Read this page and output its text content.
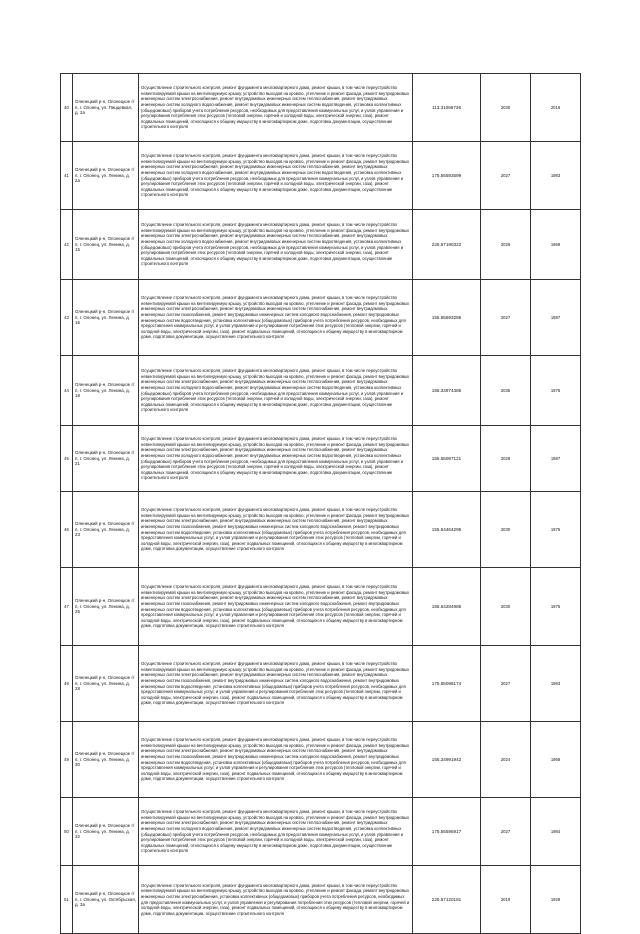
40	Оленецкий р-н, Олонецкое г/п, г. Олонец, ул. Пиццевкая, д. 2а	Осуществление строительного контроля, ремонт фундамента многоквартирного дома, ремонт крыши, в том числе переустройство невентилируемой крыши на вентилируемую крышу, устройство выходов на кровлю, утепление и ремонт фасада, ремонт внутридомовых инженерных систем электроснабжения, ремонт внутридомовых инженерных систем теплоснабжения, ремонт внутридомовых инженерных систем холодного водоснабжения, ремонт внутридомовых инженерных систем водоотведения, установка коллективных (общедомовых) приборов учета потребления ресурсов, необходимых для предоставления коммунальных услуг, и узлов управления и регулирования потребления этих ресурсов (тепловой энергии, горячей и холодной воды, электрической энергии, газа), ремонт подвальных помещений, относящихся к общему имуществу в многоквартирном доме, подготовка документации, осуществление строительного контроля	113.31066736	2030	2016
41	Оленецкий р-н, Олонецкое г/п, г. Олонец, ул. Ленина, д. 2а	Осуществление строительного контроля, ремонт фундамента многоквартирного дома, ремонт крыши, в том числе переустройство невентилируемой крыши на вентилируемую крышу, устройство выходов на кровлю, утепление и ремонт фасада, ремонт внутридомовых инженерных систем электроснабжения, ремонт внутридомовых инженерных систем теплоснабжения, ремонт внутридомовых инженерных систем холодного водоснабжения, ремонт внутридомовых инженерных систем водоотведения, установка коллективных (общедомовых) приборов учета потребления ресурсов, необходимых для предоставления коммунальных услуг, и узлов управления и регулирования потребления этих ресурсов (тепловой энергии, горячей и холодной воды, электрической энергии, газа), ремонт подвальных помещений, относящихся к общему имуществу в многоквартирном доме, подготовка документации, осуществление строительного контроля	175.55593599	2027	1983
42	Оленецкий р-н, Олонецкое г/п, г. Олонец, ул. Ленина, д. 15	Осуществление строительного контроля, ремонт фундамента многоквартирного дома, ремонт крыши, в том числе переустройство невентилируемой крыши на вентилируемую крышу, устройство выходов на кровлю, утепление и ремонт фасада, ремонт внутридомовых инженерных систем электроснабжения, ремонт внутридомовых инженерных систем теплоснабжения, ремонт внутридомовых инженерных систем холодного водоснабжения, ремонт внутридомовых инженерных систем водоотведения, установка коллективных (общедомовых) приборов учета потребления ресурсов, необходимых для предоставления коммунальных услуг, и узлов управления и регулирования потребления этих ресурсов (тепловой энергии, горячей и холодной воды, электрической энергии, газа), ремонт подвальных помещений, относящихся к общему имуществу в многоквартирном доме, подготовка документации, осуществление строительного контроля	225.57190322	2026	1969
43	Оленецкий р-н, Олонецкое г/п, г. Олонец, ул. Ленина, д. 16	Осуществление строительного контроля, ремонт фундамента многоквартирного дома, ремонт крыши, в том числе переустройство невентилируемой крыши на вентилируемую крышу, устройство выходов на кровлю, утепление и ремонт фасада, ремонт внутридомовых инженерных систем электроснабжения, ремонт внутридомовых инженерных систем теплоснабжения, ремонт внутридомовых инженерных систем газоснабжения, ремонт внутридомовых инженерных систем холодного водоснабжения, ремонт внутридомовых инженерных систем водоотведения, установка коллективных (общедомовых) приборов учета потребления ресурсов, необходимых для предоставления коммунальных услуг, и узлов управления и регулирования потребления этих ресурсов (тепловой энергии, горячей и холодной воды, электрической энергии, газа), ремонт подвальных помещений, относящихся к общему имуществу в многоквартирном доме, подготовка документации, осуществление строительного контроля	155.55693285	2027	1987
44	Оленецкий р-н, Олонецкое г/п, г. Олонец, ул. Ленина, д. 18	Осуществление строительного контроля, ремонт фундамента многоквартирного дома, ремонт крыши, в том числе переустройство невентилируемой крыши на вентилируемую крышу, устройство выходов на кровлю, утепление и ремонт фасада, ремонт внутридомовых инженерных систем электроснабжения, ремонт внутридомовых инженерных систем теплоснабжения, ремонт внутридомовых инженерных систем холодного водоснабжения, ремонт внутридомовых инженерных систем водоотведения, установка коллективных (общедомовых) приборов учета потребления ресурсов, необходимых для предоставления коммунальных услуг, и узлов управления и регулирования потребления этих ресурсов (тепловой энергии, горячей и холодной воды, электрической энергии, газа), ремонт подвальных помещений, относящихся к общему имуществу в многоквартирном доме, подготовка документации, осуществление строительного контроля	155.33974385	2035	1976
45	Оленецкий р-н, Олонецкое г/п, г. Олонец, ул. Ленина, д. 21	Осуществление строительного контроля, ремонт фундамента многоквартирного дома, ремонт крыши, в том числе переустройство невентилируемой крыши на вентилируемую крышу, устройство выходов на кровлю, утепление и ремонт фасада, ремонт внутридомовых инженерных систем электроснабжения, ремонт внутридомовых инженерных систем теплоснабжения, ремонт внутридомовых инженерных систем холодного водоснабжения, ремонт внутридомовых инженерных систем водоотведения, установка коллективных (общедомовых) приборов учета потребления ресурсов, необходимых для предоставления коммунальных услуг, и узлов управления и регулирования потребления этих ресурсов (тепловой энергии, горячей и холодной воды, электрической энергии, газа), ремонт подвальных помещений, относящихся к общему имуществу в многоквартирном доме, подготовка документации, осуществление строительного контроля	155.55087121	2028	1987
46	Оленецкий р-н, Олонецкое г/п, г. Олонец, ул. Ленина, д. 23	Осуществление строительного контроля, ремонт фундамента многоквартирного дома, ремонт крыши, в том числе переустройство невентилируемой крыши на вентилируемую крышу, устройство выходов на кровлю, утепление и ремонт фасада, ремонт внутридомовых инженерных систем электроснабжения, ремонт внутридомовых инженерных систем теплоснабжения, ремонт внутридомовых инженерных систем газоснабжения, ремонт внутридомовых инженерных систем холодного водоснабжения, ремонт внутридомовых инженерных систем водоотведения, установка коллективных (общедомовых) приборов учета потребления ресурсов, необходимых для предоставления коммунальных услуг, и узлов управления и регулирования потребления этих ресурсов (тепловой энергии, горячей и холодной воды, электрической энергии, газа), ремонт подвальных помещений, относящихся к общему имуществу в многоквартирном доме, подготовка документации, осуществление строительного контроля	155.54464295	2030	1976
47	Оленецкий р-н, Олонецкое г/п, г. Олонец, ул. Ленина, д. 25	Осуществление строительного контроля, ремонт фундамента многоквартирного дома, ремонт крыши, в том числе переустройство невентилируемой крыши на вентилируемую крышу, устройство выходов на кровлю, утепление и ремонт фасада, ремонт внутридомовых инженерных систем электроснабжения, ремонт внутридомовых инженерных систем теплоснабжения, ремонт внутридомовых инженерных систем газоснабжения, ремонт внутридомовых инженерных систем холодного водоснабжения, ремонт внутридомовых инженерных систем водоотведения, установка коллективных (общедомовых) приборов учета потребления ресурсов, необходимых для предоставления коммунальных услуг, и узлов управления и регулирования потребления этих ресурсов (тепловой энергии, горячей и холодной воды, электрической энергии, газа), ремонт подвальных помещений, относящихся к общему имуществу в многоквартирном доме, подготовка документации, осуществление строительного контроля	155.54284985	2030	1975
48	Оленецкий р-н, Олонецкое г/п, г. Олонец, ул. Ленина, д. 28	Осуществление строительного контроля, ремонт фундамента многоквартирного дома, ремонт крыши, в том числе переустройство невентилируемой крыши на вентилируемую крышу, устройство выходов на кровлю, утепление и ремонт фасада, ремонт внутридомовых инженерных систем электроснабжения, ремонт внутридомовых инженерных систем теплоснабжения, ремонт внутридомовых инженерных систем газоснабжения, ремонт внутридомовых инженерных систем холодного водоснабжения, ремонт внутридомовых инженерных систем водоотведения, установка коллективных (общедомовых) приборов учета потребления ресурсов, необходимых для предоставления коммунальных услуг, и узлов управления и регулирования потребления этих ресурсов (тепловой энергии, горячей и холодной воды, электрической энергии, газа), ремонт подвальных помещений, относящихся к общему имуществу в многоквартирном доме, подготовка документации, осуществление строительного контроля	175.55098174	2027	1983
49	Оленецкий р-н, Олонецкое г/п, г. Олонец, ул. Ленина, д. 30	Осуществление строительного контроля, ремонт фундамента многоквартирного дома, ремонт крыши, в том числе переустройство невентилируемой крыши на вентилируемую крышу, устройство выходов на кровлю, утепление и ремонт фасада, ремонт внутридомовых инженерных систем электроснабжения, ремонт внутридомовых инженерных систем теплоснабжения, ремонт внутридомовых инженерных систем газоснабжения, ремонт внутридомовых инженерных систем холодного водоснабжения, ремонт внутридомовых инженерных систем водоотведения, установка коллективных (общедомовых) приборов учета потребления ресурсов, необходимых для предоставления коммунальных услуг, и узлов управления и регулирования потребления этих ресурсов (тепловой энергии, горячей и холодной воды, электрической энергии, газа), ремонт подвальных помещений, относящихся к общему имуществу в многоквартирном доме, подготовка документации, осуществление строительного контроля	155.34991942	2024	1968
50	Оленецкий р-н, Олонецкое г/п, г. Олонец, ул. Ленина, д. 32	Осуществление строительного контроля, ремонт фундамента многоквартирного дома, ремонт крыши, в том числе переустройство невентилируемой крыши на вентилируемую крышу, устройство выходов на кровлю, утепление и ремонт фасада, ремонт внутридомовых инженерных систем электроснабжения, ремонт внутридомовых инженерных систем теплоснабжения, ремонт внутридомовых инженерных систем холодного водоснабжения, ремонт внутридомовых инженерных систем водоотведения, установка коллективных (общедомовых) приборов учета потребления ресурсов, необходимых для предоставления коммунальных услуг, и узлов управления и регулирования потребления этих ресурсов (тепловой энергии, горячей и холодной воды, электрической энергии, газа), ремонт подвальных помещений, относящихся к общему имуществу в многоквартирном доме, подготовка документации, осуществление строительного контроля	175.55595917	2027	1984
51	Оленецкий р-н, Олонецкое г/п, г. Олонец, ул. Октябрьская, д. 3а	Осуществление строительного контроля, ремонт фундамента многоквартирного дома, ремонт крыши, в том числе переустройство невентилируемой крыши на вентилируемую крышу, устройство выходов на кровлю, утепление и ремонт фасада, ремонт внутридомовых инженерных систем электроснабжения, установка коллективных (общедомовых) приборов учета потребления ресурсов, необходимых для предоставления коммунальных услуг, и узлов управления и регулирования потребления этих ресурсов (тепловой энергии, горячей и холодной воды, электрической энергии, газа), ремонт подвальных помещений, относящихся к общему имуществу в многоквартирном доме, подготовка документации, осуществление строительного контроля	225.57120181	2019	1929
